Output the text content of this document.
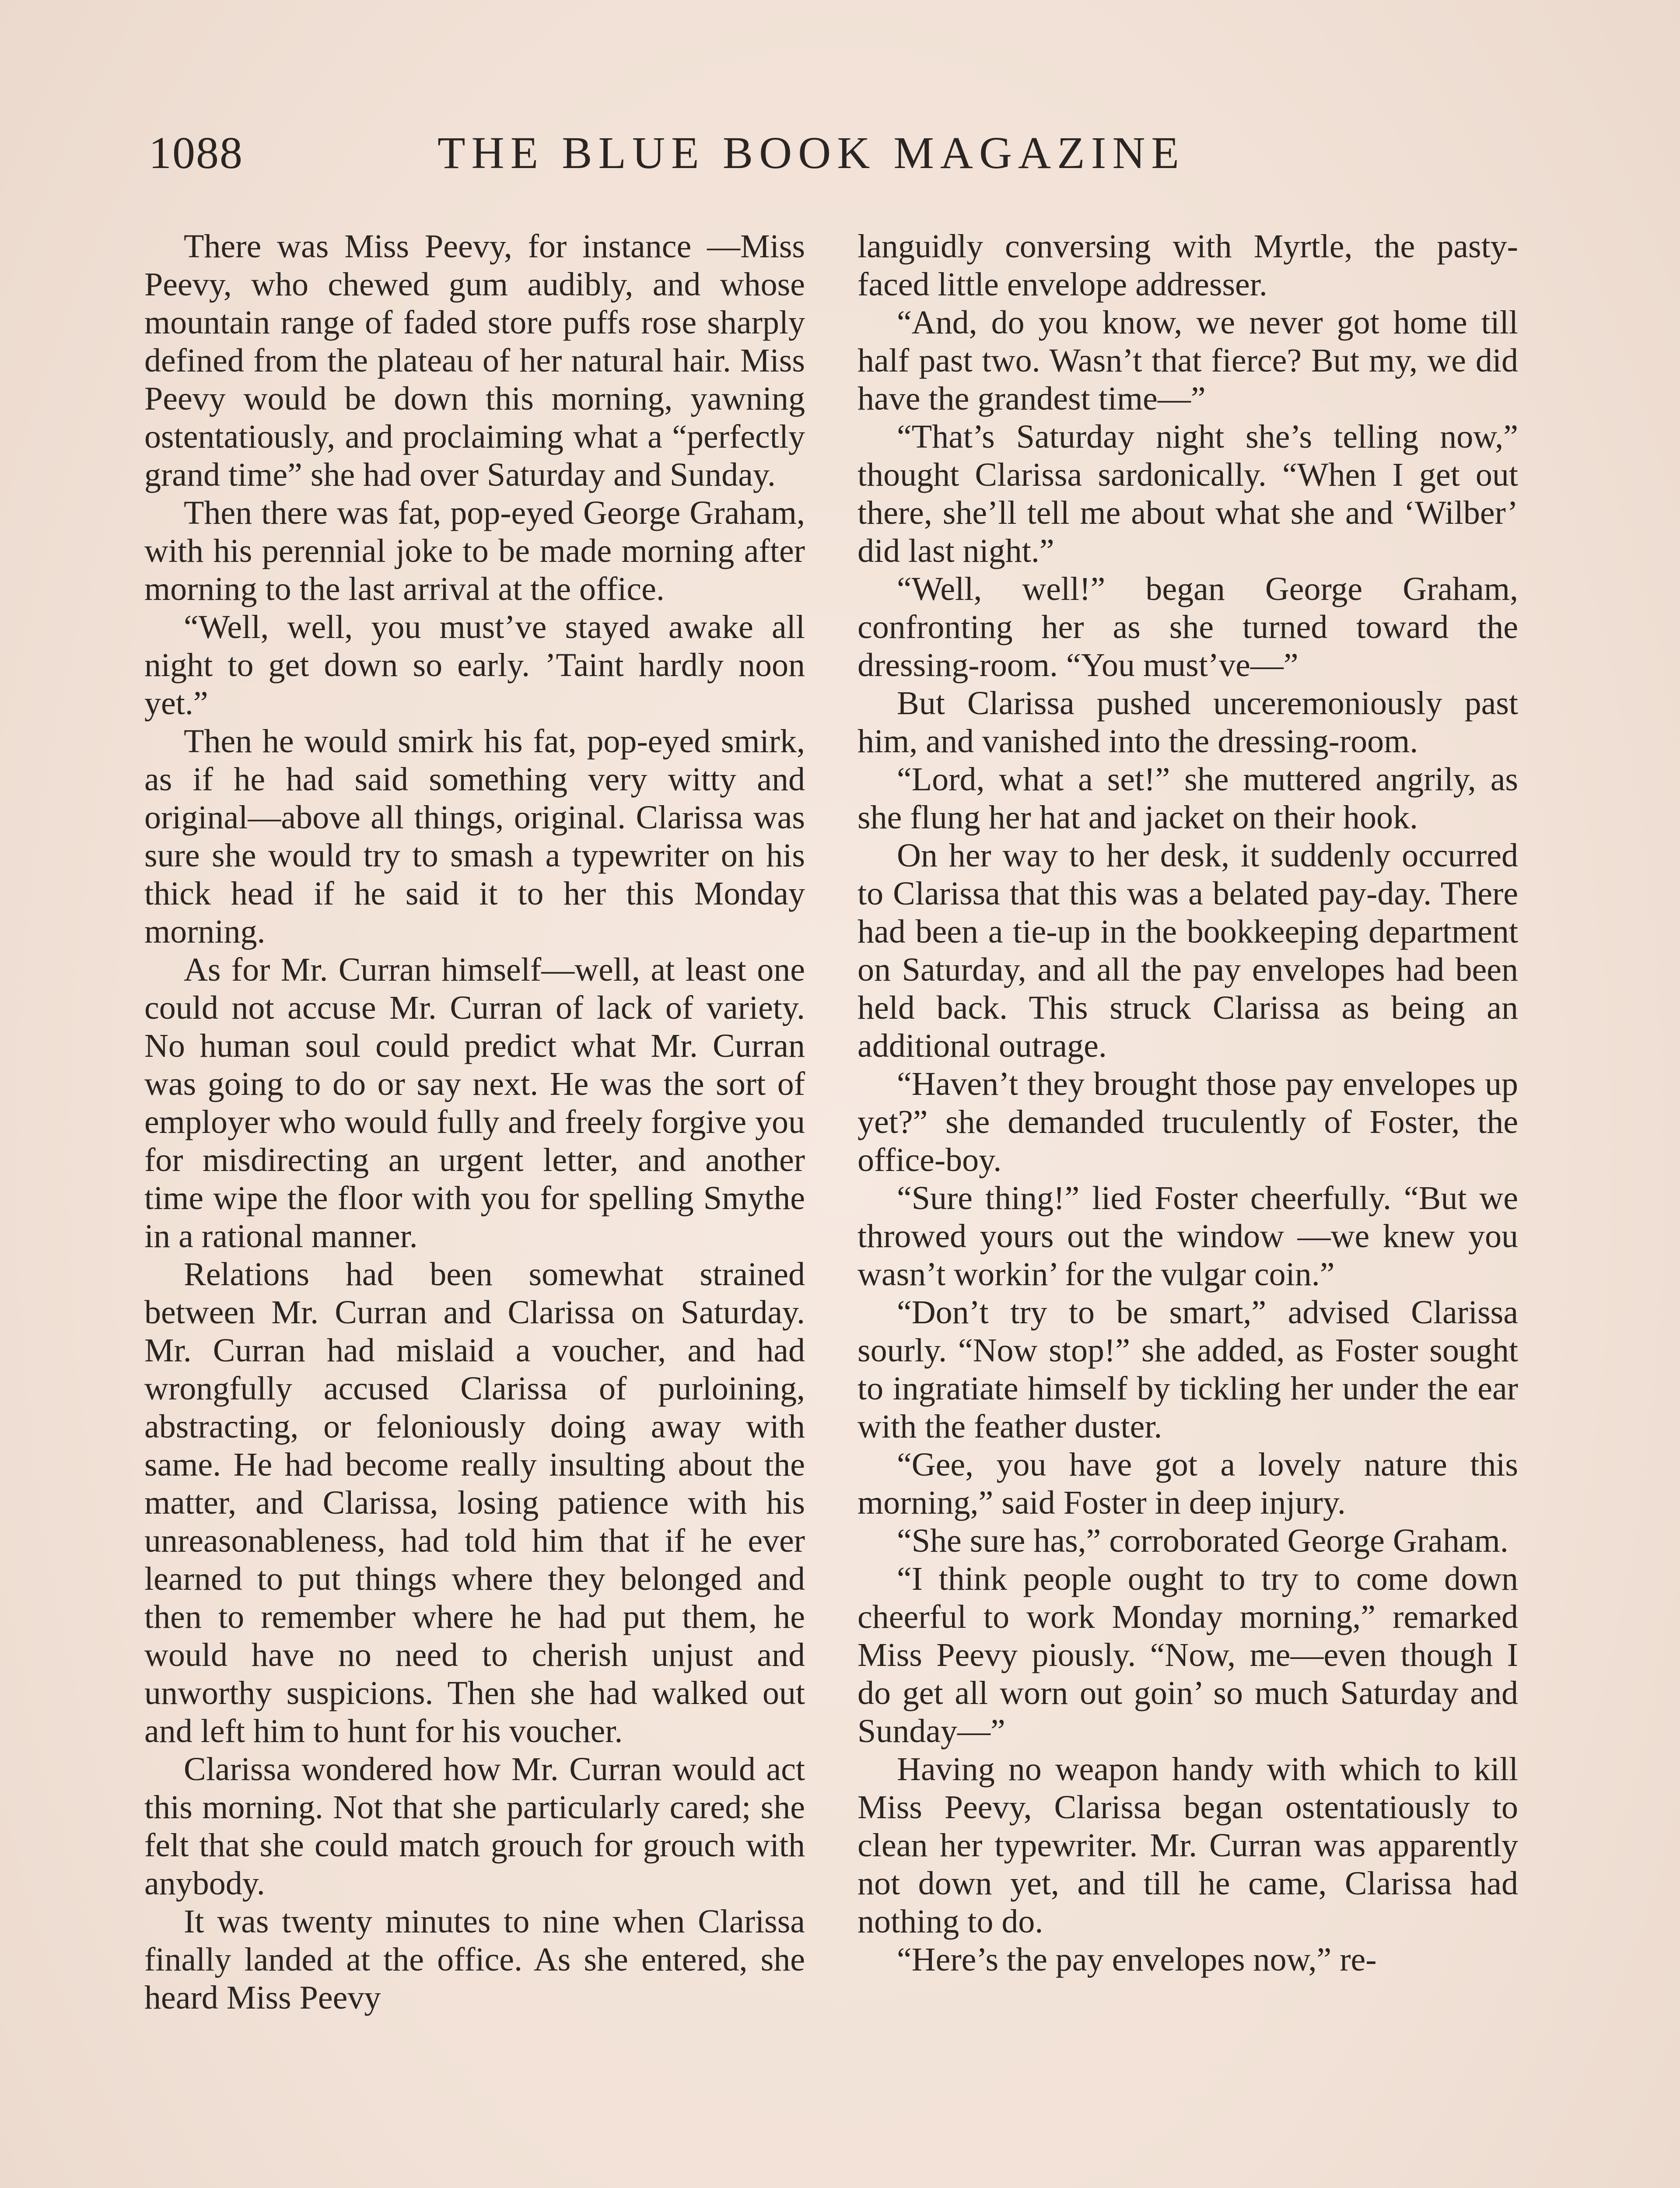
1088	THE BLUE BOOK MAGAZINE

There was Miss Peevy, for instance —Miss Peevy, who chewed gum audibly, and whose mountain range of faded store puffs rose sharply defined from the plateau of her natural hair. Miss Peevy would be down this morning, yawning ostentatiously, and proclaiming what a “perfectly grand time” she had over Saturday and Sunday.

Then there was fat, pop-eyed George Graham, with his perennial joke to be made morning after morning to the last arrival at the office.

“Well, well, you must’ve stayed awake all night to get down so early. ’Taint hardly noon yet.”

Then he would smirk his fat, pop-eyed smirk, as if he had said something very witty and original—above all things, original. Clarissa was sure she would try to smash a typewriter on his thick head if he said it to her this Monday morning.

As for Mr. Curran himself—well, at least one could not accuse Mr. Curran of lack of variety. No human soul could predict what Mr. Curran was going to do or say next. He was the sort of employer who would fully and freely forgive you for misdirecting an urgent letter, and another time wipe the floor with you for spelling Smythe in a rational manner.

Relations had been somewhat strained between Mr. Curran and Clarissa on Saturday. Mr. Curran had mislaid a voucher, and had wrongfully accused Clarissa of purloining, abstracting, or feloniously doing away with same. He had become really insulting about the matter, and Clarissa, losing patience with his unreasonableness, had told him that if he ever learned to put things where they belonged and then to remember where he had put them, he would have no need to cherish unjust and unworthy suspicions. Then she had walked out and left him to hunt for his voucher.

Clarissa wondered how Mr. Curran would act this morning. Not that she particularly cared; she felt that she could match grouch for grouch with anybody.

It was twenty minutes to nine when Clarissa finally landed at the office. As she entered, she heard Miss Peevy

languidly conversing with Myrtle, the pasty-faced little envelope addresser.

“And, do you know, we never got home till half past two. Wasn’t that fierce? But my, we did have the grandest time—”

“That’s Saturday night she’s telling now,” thought Clarissa sardonically. “When I get out there, she’ll tell me about what she and ‘Wilber’ did last night.”

“Well, well!” began George Graham, confronting her as she turned toward the dressing-room. “You must’ve—”

But Clarissa pushed unceremoniously past him, and vanished into the dressing-room.

“Lord, what a set!” she muttered angrily, as she flung her hat and jacket on their hook.

On her way to her desk, it suddenly occurred to Clarissa that this was a belated pay-day. There had been a tie-up in the bookkeeping department on Saturday, and all the pay envelopes had been held back. This struck Clarissa as being an additional outrage.

“Haven’t they brought those pay envelopes up yet?” she demanded truculently of Foster, the office-boy.

“Sure thing!” lied Foster cheerfully. “But we throwed yours out the window —we knew you wasn’t workin’ for the vulgar coin.”

“Don’t try to be smart,” advised Clarissa sourly. “Now stop!” she added, as Foster sought to ingratiate himself by tickling her under the ear with the feather duster.

“Gee, you have got a lovely nature this morning,” said Foster in deep injury.

“She sure has,” corroborated George Graham.

“I think people ought to try to come down cheerful to work Monday morning,” remarked Miss Peevy piously. “Now, me—even though I do get all worn out goin’ so much Saturday and Sunday—”

Having no weapon handy with which to kill Miss Peevy, Clarissa began ostentatiously to clean her typewriter. Mr. Curran was apparently not down yet, and till he came, Clarissa had nothing to do.

“Here’s the pay envelopes now,” re-
